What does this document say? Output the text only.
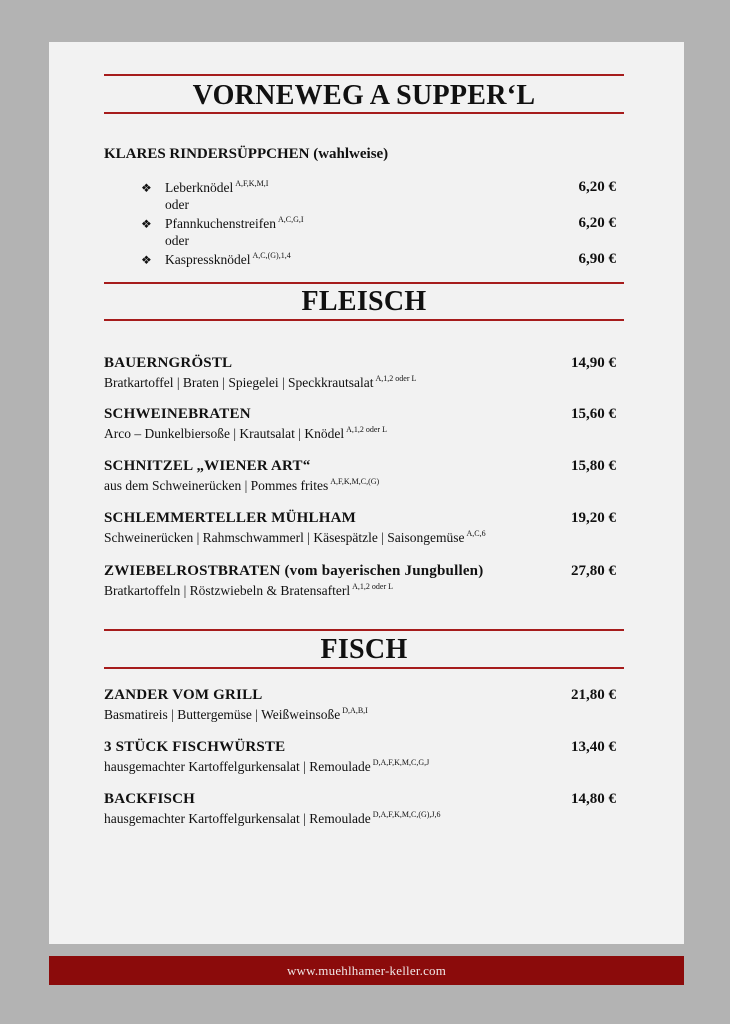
VORNEWEG A SUPPER‘L
KLARES RINDERSÜPPCHEN (wahlweise)
❖ Leberknödel $^{A,F,K,M,I}$	6,20 €
oder
❖ Pfannkuchenstreifen $^{A,C,G,I}$	6,20 €
oder
❖ Kaspressknödel $^{A,C,(G),1,4}$	6,90 €
FLEISCH
BAUERNGRÖSTL	14,90 €
Bratkartoffel | Braten | Spiegelei | Speckkrautsalat $^{A,1,2 oder L}$
SCHWEINEBRATEN	15,60 €
Arco – Dunkelbiersoße | Krautsalat | Knödel $^{A,1,2 oder L}$
SCHNITZEL „WIENER ART“	15,80 €
aus dem Schweinerücken | Pommes frites $^{A,F,K,M,C,(G)}$
SCHLEMMERTELLER MÜHLHAM	19,20 €
Schweinerücken | Rahmschwammerl | Käsespätzle | Saisongemüse $^{A,C,6}$
ZWIEBELROSTBRATEN (vom bayerischen Jungbullen)	27,80 €
Bratkartoffeln | Röstzwiebeln & Bratensafterl $^{A,1,2 oder L}$
FISCH
ZANDER VOM GRILL	21,80 €
Basmatireis | Buttergemüse | Weißweinsoße $^{D,A,B,I}$
3 STÜCK FISCHWÜRSTE	13,40 €
hausgemachter Kartoffelgurkensalat | Remoulade $^{D,A,F,K,M,C,G,J}$
BACKFISCH	14,80 €
hausgemachter Kartoffelgurkensalat | Remoulade $^{D,A,F,K,M,C,(G),J,6}$
www.muehlhamer-keller.com
